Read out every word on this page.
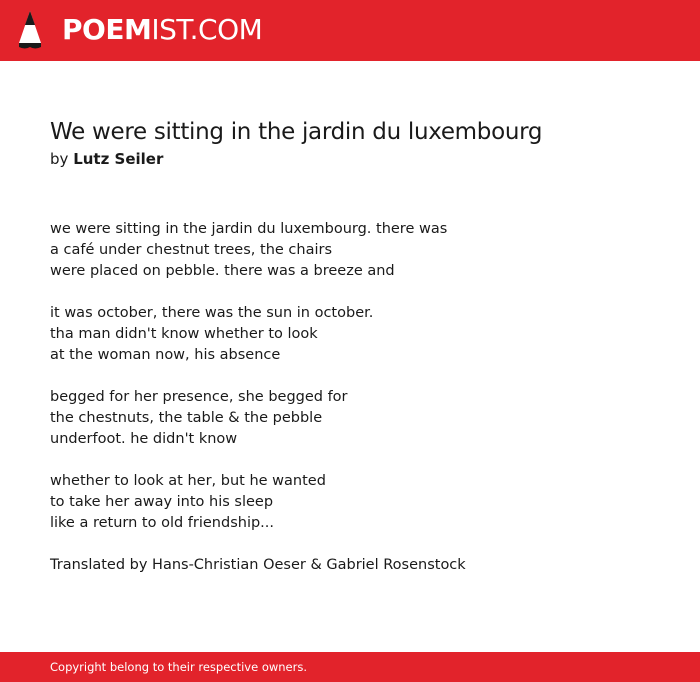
POEMIST.COM
We were sitting in the jardin du luxembourg
by Lutz Seiler
we were sitting in the jardin du luxembourg. there was
a café under chestnut trees, the chairs
were placed on pebble. there was a breeze and
it was october, there was the sun in october.
tha man didn't know whether to look
at the woman now, his absence
begged for her presence, she begged for
the chestnuts, the table & the pebble
underfoot. he didn't know
whether to look at her, but he wanted
to take her away into his sleep
like a return to old friendship...
Translated by Hans-Christian Oeser & Gabriel Rosenstock
Copyright belong to their respective owners.
